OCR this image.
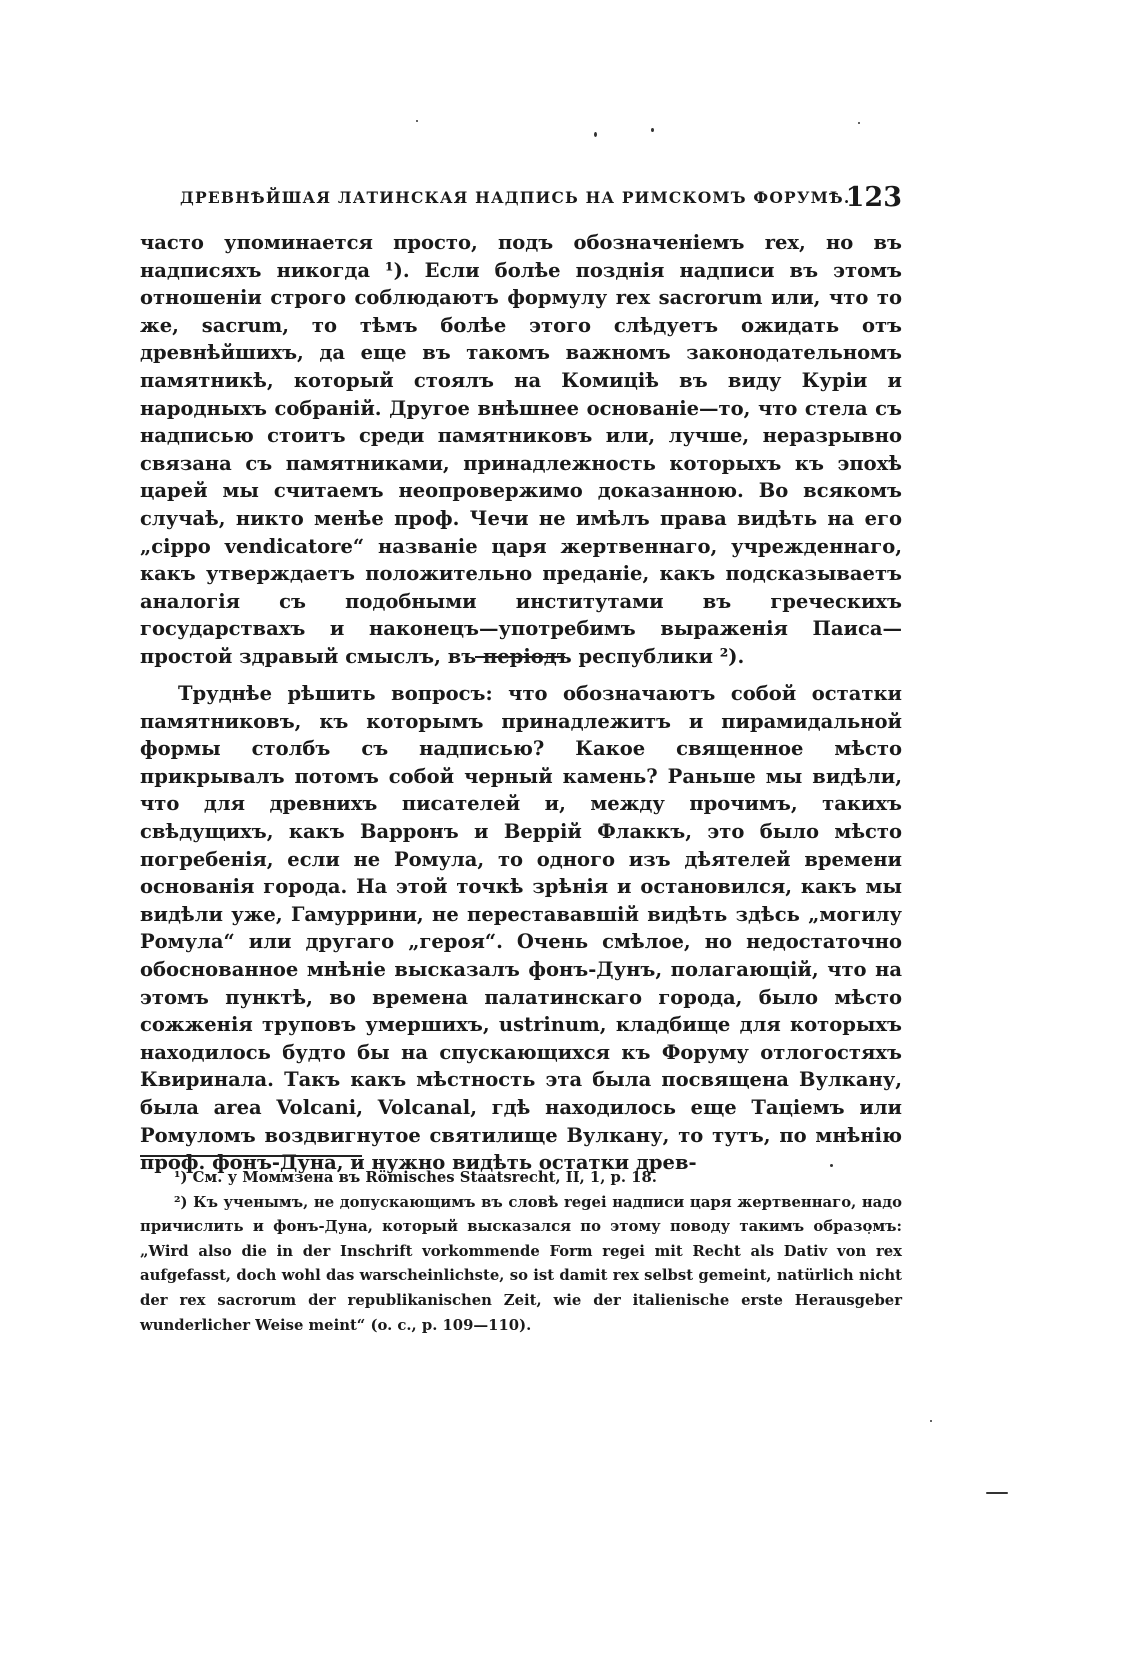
ДРЕВНѢЙШАЯ ЛАТИНСКАЯ НАДПИСЬ НА РИМСКОМЪ ФОРУМѢ.
123

часто упоминается просто, подъ обозначеніемъ rex, но въ надписяхъ никогда ¹). Если болѣе позднія надписи въ этомъ отношеніи строго соблюдаютъ формулу rex sacrorum или, что то же, sacrum, то тѣмъ болѣе этого слѣдуетъ ожидать отъ древнѣйшихъ, да еще въ такомъ важномъ законодательномъ памятникѣ, который стоялъ на Комиціѣ въ виду Куріи и народныхъ собраній. Другое внѣшнее основаніе—то, что стела съ надписью стоитъ среди памятниковъ или, лучше, неразрывно связана съ памятниками, принадлежность которыхъ къ эпохѣ царей мы считаемъ неопровержимо доказанною. Во всякомъ случаѣ, никто менѣе проф. Чечи не имѣлъ права видѣть на его „cippo vendicatore“ названіе царя жертвеннаго, учрежденнаго, какъ утверждаетъ положительно преданіе, какъ подсказываетъ аналогія съ подобными институтами въ греческихъ государствахъ и наконецъ—употребимъ выраженія Паиса—простой здравый смыслъ, въ періодъ республики ²).

Труднѣе рѣшить вопросъ: что обозначаютъ собой остатки памятниковъ, къ которымъ принадлежитъ и пирамидальной формы столбъ съ надписью? Какое священное мѣсто прикрывалъ потомъ собой черный камень? Раньше мы видѣли, что для древнихъ писателей и, между прочимъ, такихъ свѣдущихъ, какъ Варронъ и Веррій Флаккъ, это было мѣсто погребенія, если не Ромула, то одного изъ дѣятелей времени основанія города. На этой точкѣ зрѣнія и остановился, какъ мы видѣли уже, Гамуррини, не перестававшій видѣть здѣсь „могилу Ромула“ или другаго „героя“. Очень смѣлое, но недостаточно обоснованное мнѣніе высказалъ фонъ-Дунъ, полагающій, что на этомъ пунктѣ, во времена палатинскаго города, было мѣсто сожженія труповъ умершихъ, ustrinum, кладбище для которыхъ находилось будто бы на спускающихся къ Форуму отлогостяхъ Квиринала. Такъ какъ мѣстность эта была посвящена Вулкану, была area Volcani, Volcanal, гдѣ находилось еще Таціемъ или Ромуломъ воздвигнутое святилище Вулкану, то тутъ, по мнѣнію проф. фонъ-Дуна, и нужно видѣть остатки древ-

¹) См. у Моммзена въ Römisches Staatsrecht, II, 1, p. 18.

²) Къ ученымъ, не допускающимъ въ словѣ regei надписи царя жертвеннаго, надо причислить и фонъ-Дуна, который высказался по этому поводу такимъ образомъ: „Wird also die in der Inschrift vorkommende Form regei mit Recht als Dativ von rex aufgefasst, doch wohl das warscheinlichste, so ist damit rex selbst gemeint, natürlich nicht der rex sacrorum der republikanischen Zeit, wie der italienische erste Herausgeber wunderlicher Weise meint“ (o. c., p. 109—110).
